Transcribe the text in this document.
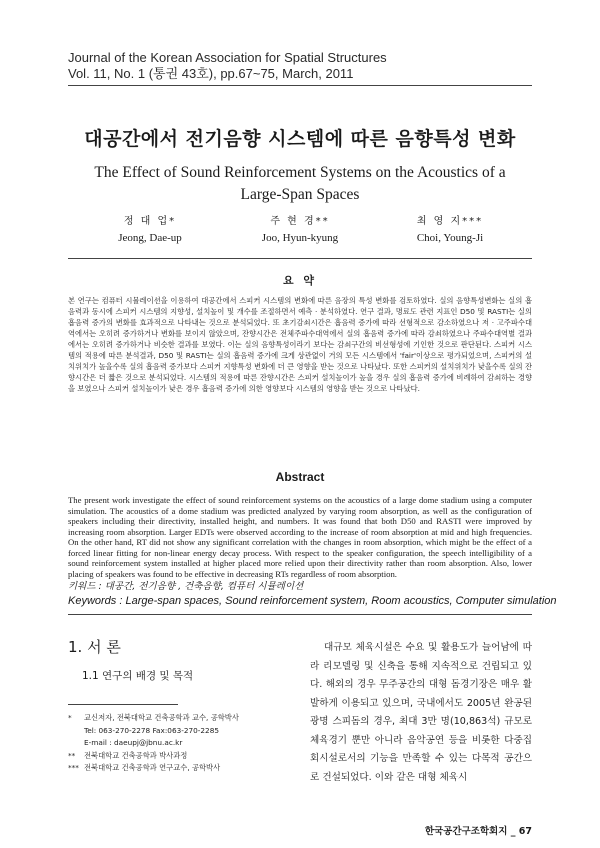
Journal of the Korean Association for Spatial Structures
Vol. 11, No. 1 (통권 43호), pp.67~75, March, 2011
대공간에서 전기음향 시스템에 따른 음향특성 변화
The Effect of Sound Reinforcement Systems on the Acoustics of a
Large-Span Spaces
정 대 업*
Jeong, Dae-up
주 현 경**
Joo, Hyun-kyung
최 영 지***
Choi, Young-Ji
요 약
본 연구는 컴퓨터 시뮬레이션을 이용하여 대공간에서 스피커 시스템의 변화에 따른 음장의 특성 변화를 검토하였다. 실의 음향특성변화는 실의 흡음력과 동시에 스피커 시스템의 지향성, 설치높이 및 개수를 조절하면서 예측 · 분석하였다. 연구 결과, 명료도 관련 지표인 D50 및 RASTI는 실의 흡음력 증가의 변화를 효과적으로 나타내는 것으로 분석되었다. 또 초기감쇠시간은 흡음력 증가에 따라 선형적으로 감소하였으나 저 · 고주파수대역에서는 오히려 증가하거나 변화를 보이지 않았으며, 잔향시간은 전체주파수대역에서 실의 흡음력 증가에 따라 감쇠하였으나 주파수대역별 결과에서는 오히려 증가하거나 비슷한 결과를 보였다. 이는 실의 음향특성이라기 보다는 감쇠구간의 비선형성에 기인한 것으로 판단된다. 스피커 시스템의 적용에 따른 분석결과, D50 및 RASTI는 실의 흡음력 증가에 크게 상관없이 거의 모든 시스템에서 'fair'이상으로 평가되었으며, 스피커의 설치위치가 높을수록 실의 흡음력 증가보다 스피커 지향특성 변화에 더 큰 영향을 받는 것으로 나타났다. 또한 스피커의 설치위치가 낮을수록 실의 잔향시간은 더 짧은 것으로 분석되었다. 시스템의 적용에 따른 잔향시간은 스피커 설치높이가 높을 경우 실의 흡음력 증가에 비례하여 감쇠하는 경향을 보였으나 스피커 설치높이가 낮은 경우 흡음력 증가에 의한 영향보다 시스템의 영향을 받는 것으로 나타났다.
Abstract
The present work investigate the effect of sound reinforcement systems on the acoustics of a large dome stadium using a computer simulation. The acoustics of a dome stadium was predicted analyzed by varying room absorption, as well as the configuration of speakers including their directivity, installed height, and numbers. It was found that both D50 and RASTI were improved by increasing room absorption. Larger EDTs were observed according to the increase of room absorption at mid and high frequencies. On the other hand, RT did not show any significant correlation with the changes in room absorption, which might be the effect of a forced linear fitting for non-linear energy decay process. With respect to the speaker configuration, the speech intelligibility of a sound reinforcement system installed at higher placed more relied upon their directivity rather than room absorption. Also, lower placing of speakers was found to be effective in decreasing RTs regardless of room absorption.
키워드 : 대공간, 전기음향 , 건축음향, 컴퓨터 시뮬레이션
Keywords : Large-span spaces, Sound reinforcement system, Room acoustics, Computer simulation
1. 서 론
1.1 연구의 배경 및 목적
*	교신저자, 전북대학교 건축공학과 교수, 공학박사
Tel: 063-270-2278 Fax:063-270-2285
E-mail : daeupj@jbnu.ac.kr
**	전북대학교 건축공학과 박사과정
*** 전북대학교 건축공학과 연구교수, 공학박사

대규모 체육시설은 수요 및 활용도가 늘어남에 따라 리모델링 및 신축을 통해 지속적으로 건립되고 있다. 해외의 경우 무주공간의 대형 돔경기장은 매우 활발하게 이용되고 있으며, 국내에서도 2005년 완공된 광명 스피돔의 경우, 최대 3만 명(10,863석) 규모로 체육경기 뿐만 아니라 음악공연 등을 비롯한 다중집회시설로서의 기능을 만족할 수 있는 다목적 공간으로 건설되었다. 이와 같은 대형 체육시

한국공간구조학회지 _ 67
